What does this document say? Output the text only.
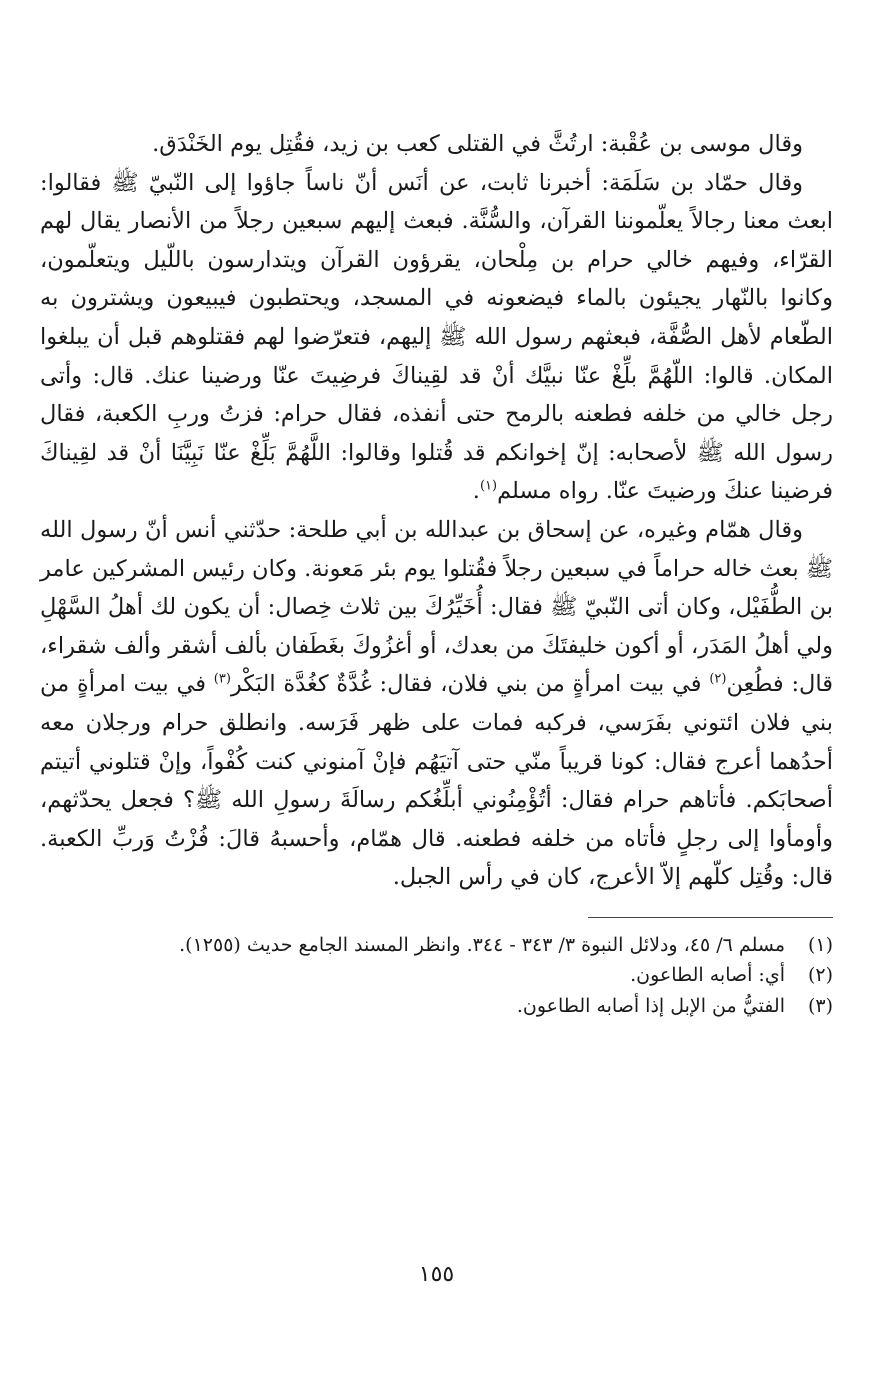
وقال موسى بن عُقْبة: ارتُثَّ في القتلى كعب بن زيد، فقُتِل يوم الخَنْدَق.

وقال حمّاد بن سَلَمَة: أخبرنا ثابت، عن أنَس أنّ ناساً جاؤوا إلى النّبيّ ﷺ فقالوا: ابعث معنا رجالاً يعلّموننا القرآن، والسُّنَّة. فبعث إليهم سبعين رجلاً من الأنصار يقال لهم القرّاء، وفيهم خالي حرام بن مِلْحان، يقرؤون القرآن ويتدارسون باللّيل ويتعلّمون، وكانوا بالنّهار يجيئون بالماء فيضعونه في المسجد، ويحتطبون فيبيعون ويشترون به الطّعام لأهل الصُّفَّة، فبعثهم رسول الله ﷺ إليهم، فتعرّضوا لهم فقتلوهم قبل أن يبلغوا المكان. قالوا: اللّهُمَّ بلِّغْ عنّا نبيَّك أنْ قد لقِيناكَ فرضِيتَ عنّا ورضينا عنك. قال: وأتى رجل خالي من خلفه فطعنه بالرمح حتى أنفذه، فقال حرام: فزتُ وربِ الكعبة، فقال رسول الله ﷺ لأصحابه: إنّ إخوانكم قد قُتلوا وقالوا: اللَّهُمَّ بَلِّغْ عنّا نَبِيَّنَا أنْ قد لقِيناكَ فرضينا عنكَ ورضيتَ عنّا. رواه مسلم$^{(١)}$.

وقال همّام وغيره، عن إسحاق بن عبدالله بن أبي طلحة: حدّثني أنس أنّ رسول الله ﷺ بعث خاله حراماً في سبعين رجلاً فقُتلوا يوم بئر مَعونة. وكان رئيس المشركين عامر بن الطُّفَيْل، وكان أتى النّبيّ ﷺ فقال: أُخَيِّرُكَ بين ثلاث خِصال: أن يكون لك أهلُ السَّهْلِ ولي أهلُ المَدَر، أو أكون خليفتَكَ من بعدك، أو أغزُوكَ بغَطَفان بألف أشقر وألف شقراء، قال: فطُعِن$^{(٢)}$ في بيت امرأةٍ من بني فلان، فقال: غُدَّةٌ كغُدَّة البَكْر$^{(٣)}$ في بيت امرأةٍ من بني فلان ائتوني بفَرَسي، فركبه فمات على ظهر فَرَسه. وانطلق حرام ورجلان معه أحدُهما أعرج فقال: كونا قريباً منّي حتى آتيَهُم فإنْ آمنوني كنت كُفْواً، وإنْ قتلوني أتيتم أصحابَكم. فأتاهم حرام فقال: أتُؤْمِنُوني أبلِّغُكم رسالَةَ رسولِ الله ﷺ؟ فجعل يحدّثهم، وأومأوا إلى رجلٍ فأتاه من خلفه فطعنه. قال همّام، وأحسبهُ قالَ: فُزْتُ وَربِّ الكعبة. قال: وقُتِل كلّهم إلاّ الأعرج، كان في رأس الجبل.

(١)
مسلم ٦/ ٤٥، ودلائل النبوة ٣/ ٣٤٣ - ٣٤٤. وانظر المسند الجامع حديث (١٢٥٥).
(٢)
أي: أصابه الطاعون.
(٣)
الفتيُّ من الإبل إذا أصابه الطاعون.
١٥٥
